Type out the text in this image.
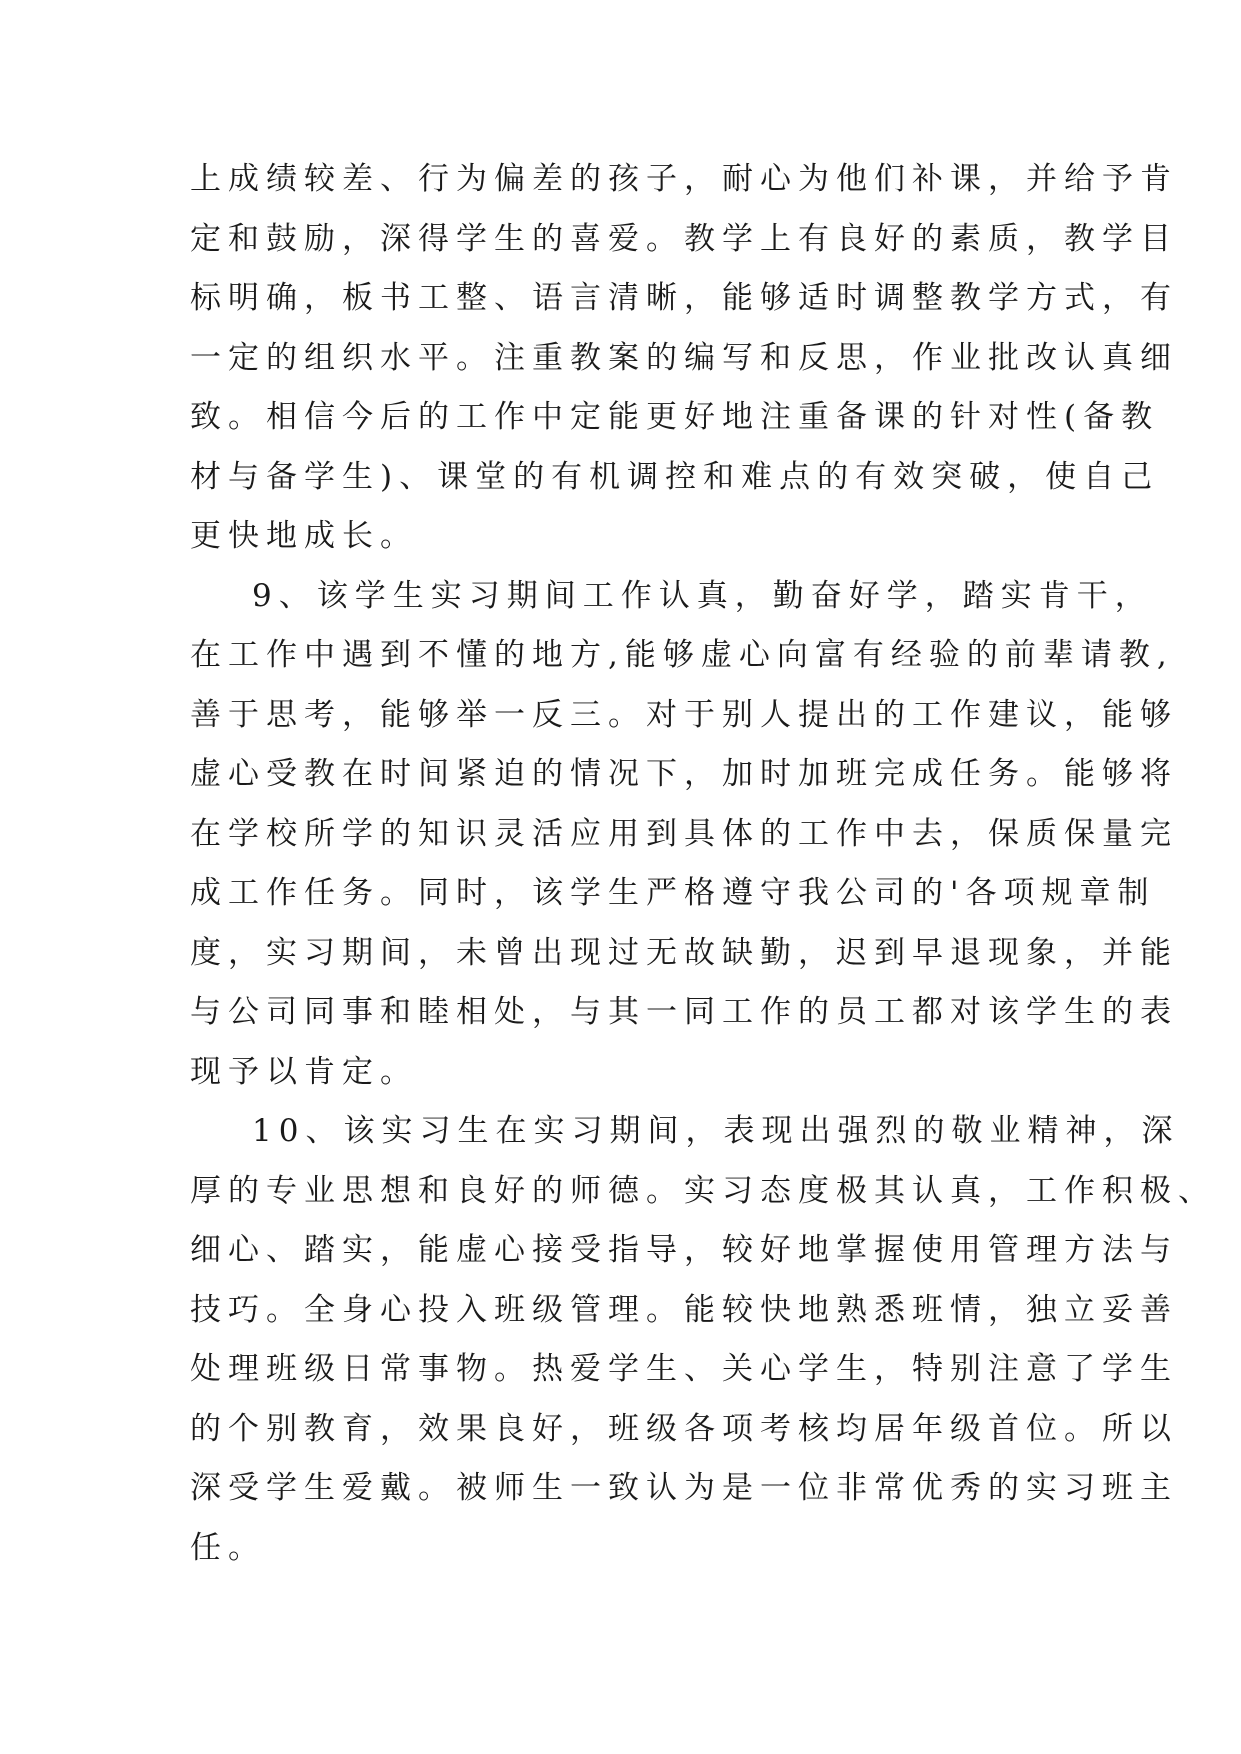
上成绩较差、行为偏差的孩子，耐心为他们补课，并给予肯
定和鼓励，深得学生的喜爱。教学上有良好的素质，教学目
标明确，板书工整、语言清晰，能够适时调整教学方式，有
一定的组织水平。注重教案的编写和反思，作业批改认真细
致。相信今后的工作中定能更好地注重备课的针对性(备教
材与备学生)、课堂的有机调控和难点的有效突破，使自己
更快地成长。
9、该学生实习期间工作认真，勤奋好学，踏实肯干，
在工作中遇到不懂的地方,能够虚心向富有经验的前辈请教,
善于思考，能够举一反三。对于别人提出的工作建议，能够
虚心受教在时间紧迫的情况下，加时加班完成任务。能够将
在学校所学的知识灵活应用到具体的工作中去，保质保量完
成工作任务。同时，该学生严格遵守我公司的'各项规章制
度，实习期间，未曾出现过无故缺勤，迟到早退现象，并能
与公司同事和睦相处，与其一同工作的员工都对该学生的表
现予以肯定。
10、该实习生在实习期间，表现出强烈的敬业精神，深
厚的专业思想和良好的师德。实习态度极其认真，工作积极、
细心、踏实，能虚心接受指导，较好地掌握使用管理方法与
技巧。全身心投入班级管理。能较快地熟悉班情，独立妥善
处理班级日常事物。热爱学生、关心学生，特别注意了学生
的个别教育，效果良好，班级各项考核均居年级首位。所以
深受学生爱戴。被师生一致认为是一位非常优秀的实习班主
任。
